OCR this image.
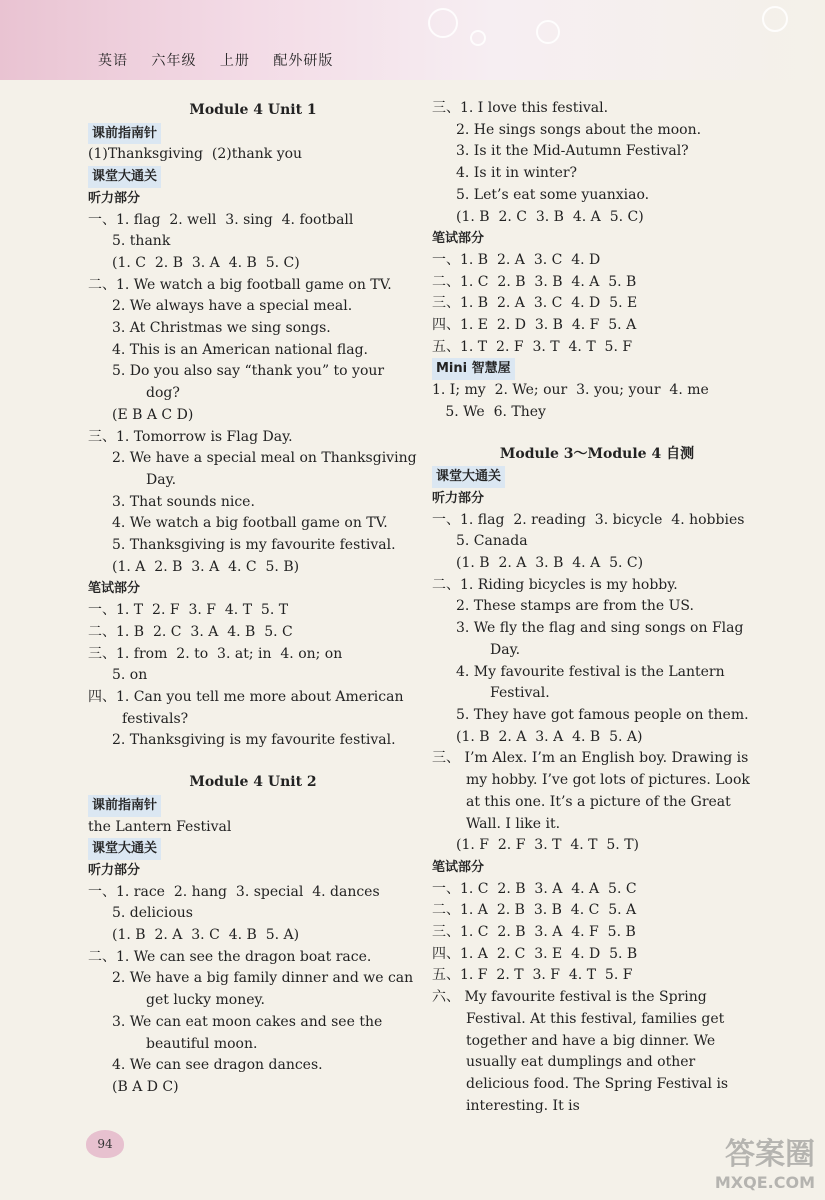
英语 六年级 上册 配外研版
Module 4 Unit 1
课前指南针
(1)Thanksgiving  (2)thank you
课堂大通关
听力部分
一、1. flag  2. well  3. sing  4. football
5. thank
(1. C  2. B  3. A  4. B  5. C)
二、1. We watch a big football game on TV.
2. We always have a special meal.
3. At Christmas we sing songs.
4. This is an American national flag.
5. Do you also say “thank you” to your dog?
(E B A C D)
三、1. Tomorrow is Flag Day.
2. We have a special meal on Thanksgiving Day.
3. That sounds nice.
4. We watch a big football game on TV.
5. Thanksgiving is my favourite festival.
(1. A  2. B  3. A  4. C  5. B)
笔试部分
一、1. T  2. F  3. F  4. T  5. T
二、1. B  2. C  3. A  4. B  5. C
三、1. from  2. to  3. at; in  4. on; on
5. on
四、1. Can you tell me more about American festivals?
2. Thanksgiving is my favourite festival.
Module 4 Unit 2
课前指南针
the Lantern Festival
课堂大通关
听力部分
一、1. race  2. hang  3. special  4. dances
5. delicious
(1. B  2. A  3. C  4. B  5. A)
二、1. We can see the dragon boat race.
2. We have a big family dinner and we can get lucky money.
3. We can eat moon cakes and see the beautiful moon.
4. We can see dragon dances.
(B A D C)
三、1. I love this festival.
2. He sings songs about the moon.
3. Is it the Mid-Autumn Festival?
4. Is it in winter?
5. Let’s eat some yuanxiao.
(1. B  2. C  3. B  4. A  5. C)
笔试部分
一、1. B  2. A  3. C  4. D
二、1. C  2. B  3. B  4. A  5. B
三、1. B  2. A  3. C  4. D  5. E
四、1. E  2. D  3. B  4. F  5. A
五、1. T  2. F  3. T  4. T  5. F
Mini 智慧屋
1. I; my  2. We; our  3. you; your  4. me
5. We  6. They
Module 3～Module 4 自测
课堂大通关
听力部分
一、1. flag  2. reading  3. bicycle  4. hobbies
5. Canada
(1. B  2. A  3. B  4. A  5. C)
二、1. Riding bicycles is my hobby.
2. These stamps are from the US.
3. We fly the flag and sing songs on Flag Day.
4. My favourite festival is the Lantern Festival.
5. They have got famous people on them.
(1. B  2. A  3. A  4. B  5. A)
三、 I’m Alex. I’m an English boy. Drawing is my hobby. I’ve got lots of pictures. Look at this one. It’s a picture of the Great Wall. I like it.
(1. F  2. F  3. T  4. T  5. T)
笔试部分
一、1. C  2. B  3. A  4. A  5. C
二、1. A  2. B  3. B  4. C  5. A
三、1. C  2. B  3. A  4. F  5. B
四、1. A  2. C  3. E  4. D  5. B
五、1. F  2. T  3. F  4. T  5. F
六、 My favourite festival is the Spring Festival. At this festival, families get together and have a big dinner. We usually eat dumplings and other delicious food. The Spring Festival is interesting. It is
94	答案圈
MXQE.COM
